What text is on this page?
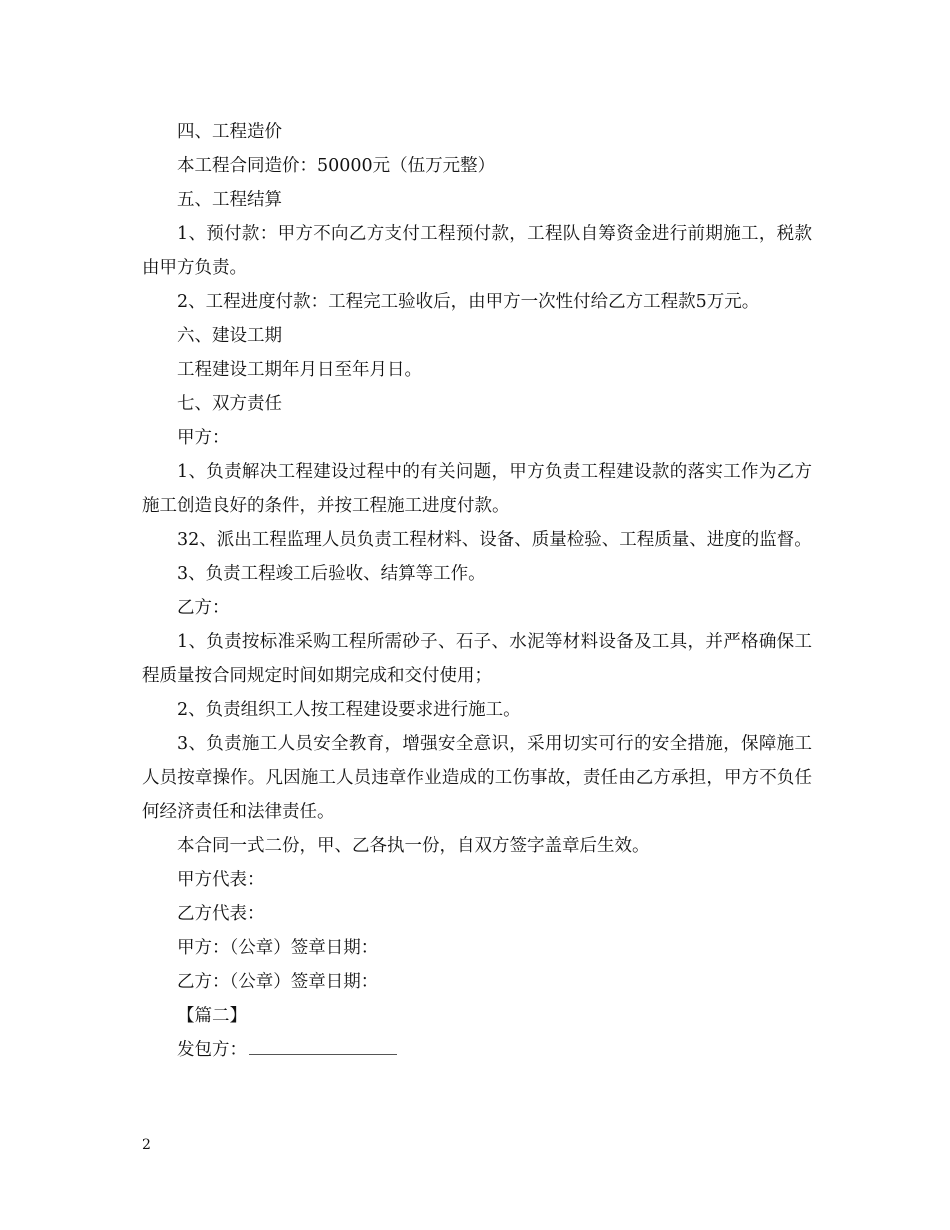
四、工程造价

本工程合同造价：50000元（伍万元整）

五、工程结算

1、预付款：甲方不向乙方支付工程预付款，工程队自筹资金进行前期施工，税款由甲方负责。

2、工程进度付款：工程完工验收后，由甲方一次性付给乙方工程款5万元。

六、建设工期

工程建设工期年月日至年月日。

七、双方责任

甲方：

1、负责解决工程建设过程中的有关问题，甲方负责工程建设款的落实工作为乙方施工创造良好的条件，并按工程施工进度付款。

32、派出工程监理人员负责工程材料、设备、质量检验、工程质量、进度的监督。

3、负责工程竣工后验收、结算等工作。

乙方：

1、负责按标准采购工程所需砂子、石子、水泥等材料设备及工具，并严格确保工程质量按合同规定时间如期完成和交付使用；

2、负责组织工人按工程建设要求进行施工。

3、负责施工人员安全教育，增强安全意识，采用切实可行的安全措施，保障施工人员按章操作。凡因施工人员违章作业造成的工伤事故，责任由乙方承担，甲方不负任何经济责任和法律责任。

本合同一式二份，甲、乙各执一份，自双方签字盖章后生效。

甲方代表：

乙方代表：

甲方：（公章）签章日期：

乙方：（公章）签章日期：

【篇二】

发包方：

2
